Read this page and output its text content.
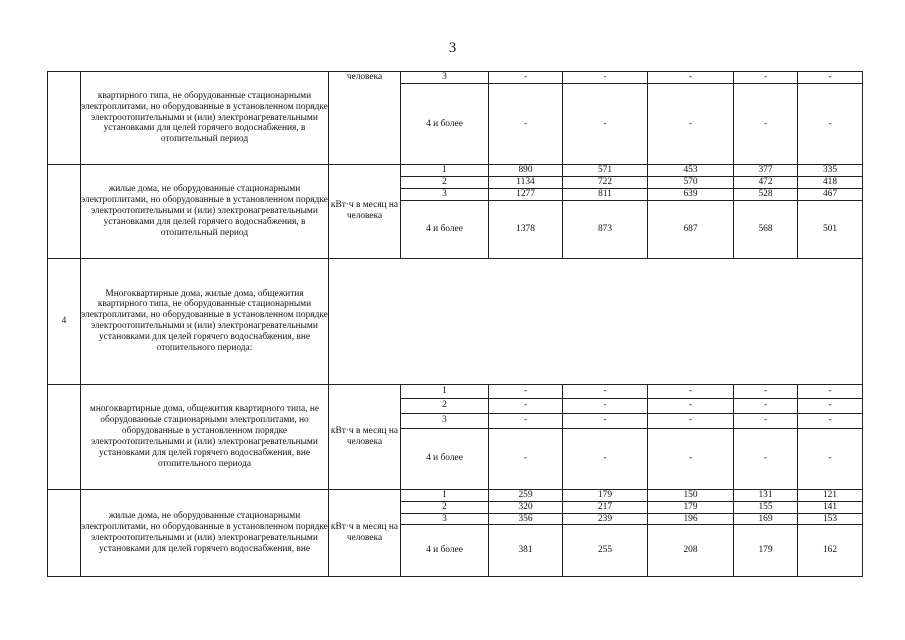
3
	квартирного типа, не оборудованные стационарными электроплитами, но оборудованные в установленном порядке электроотопительными и (или) электронагревательными установками для целей горячего водоснабжения, в отопительный период	человека	3	-	-	-	-	-
			4 и более	-	-	-	-	-
	жилые дома, не оборудованные стационарными электроплитами, но оборудованные в установленном порядке электроотопительными и (или) электронагревательными установками для целей горячего водоснабжения, в отопительный период	кВт·ч в месяц на человека	1	890	571	453	377	335
			2	1134	722	570	472	418
			3	1277	811	639	528	467
			4 и более	1378	873	687	568	501
4	Многоквартирные дома, жилые дома, общежития квартирного типа, не оборудованные стационарными электроплитами, но оборудованные в установленном порядке электроотопительными и (или) электронагревательными установками для целей горячего водоснабжения, вне отопительного периода:							
	многоквартирные дома, общежития квартирного типа, не оборудованные стационарными электроплитами, но оборудованные в установленном порядке электроотопительными и (или) электронагревательными установками для целей горячего водоснабжения, вне отопительного периода	кВт·ч в месяц на человека	1	-	-	-	-	-
			2	-	-	-	-	-
			3	-	-	-	-	-
			4 и более	-	-	-	-	-
	жилые дома, не оборудованные стационарными электроплитами, но оборудованные в установленном порядке электроотопительными и (или) электронагревательными установками для целей горячего водоснабжения, вне	кВт·ч в месяц на человека	1	259	179	150	131	121
			2	320	217	179	155	141
			3	356	239	196	169	153
			4 и более	381	255	208	179	162
